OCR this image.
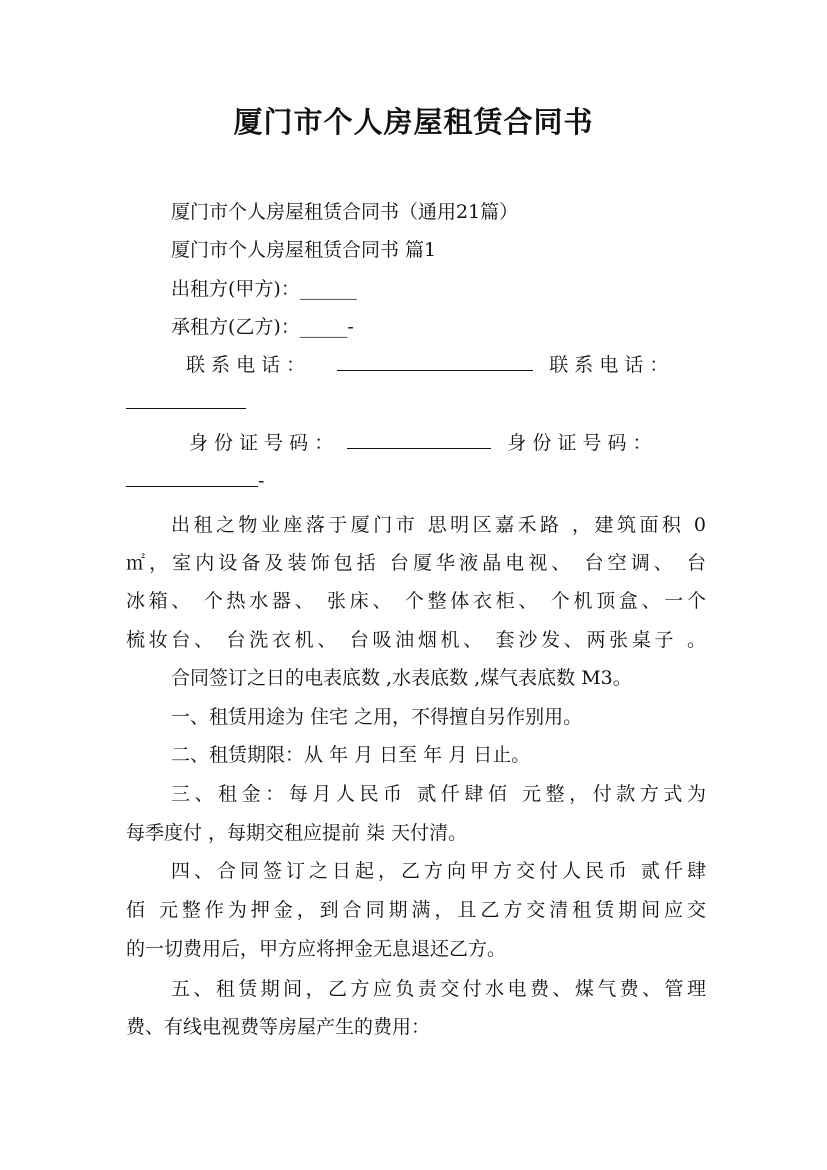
厦门市个人房屋租赁合同书
厦门市个人房屋租赁合同书（通用21篇）
厦门市个人房屋租赁合同书 篇1
出租方(甲方)：______
承租方(乙方)：_____-
联 系 电 话 ：	联 系 电 话 ：
身 份 证 号 码 ：	身 份 证 号 码 ：
-
出租之物业座落于厦门市 思明区嘉禾路 ，建筑面积 0
㎡，室内设备及装饰包括 台厦华液晶电视、 台空调、 台
冰箱、 个热水器、 张床、 个整体衣柜、 个机顶盒、一个
梳妆台、 台洗衣机、 台吸油烟机、 套沙发、两张桌子 。
合同签订之日的电表底数 ,水表底数 ,煤气表底数 M3。
一、租赁用途为 住宅 之用，不得擅自另作别用。
二、租赁期限：从 年 月 日至 年 月 日止。
三、租金：每月人民币 贰仟肆佰 元整，付款方式为
每季度付 ，每期交租应提前 柒 天付清。
四、合同签订之日起，乙方向甲方交付人民币 贰仟肆
佰 元整作为押金，到合同期满，且乙方交清租赁期间应交
的一切费用后，甲方应将押金无息退还乙方。
五、租赁期间，乙方应负责交付水电费、煤气费、管理
费、有线电视费等房屋产生的费用：
